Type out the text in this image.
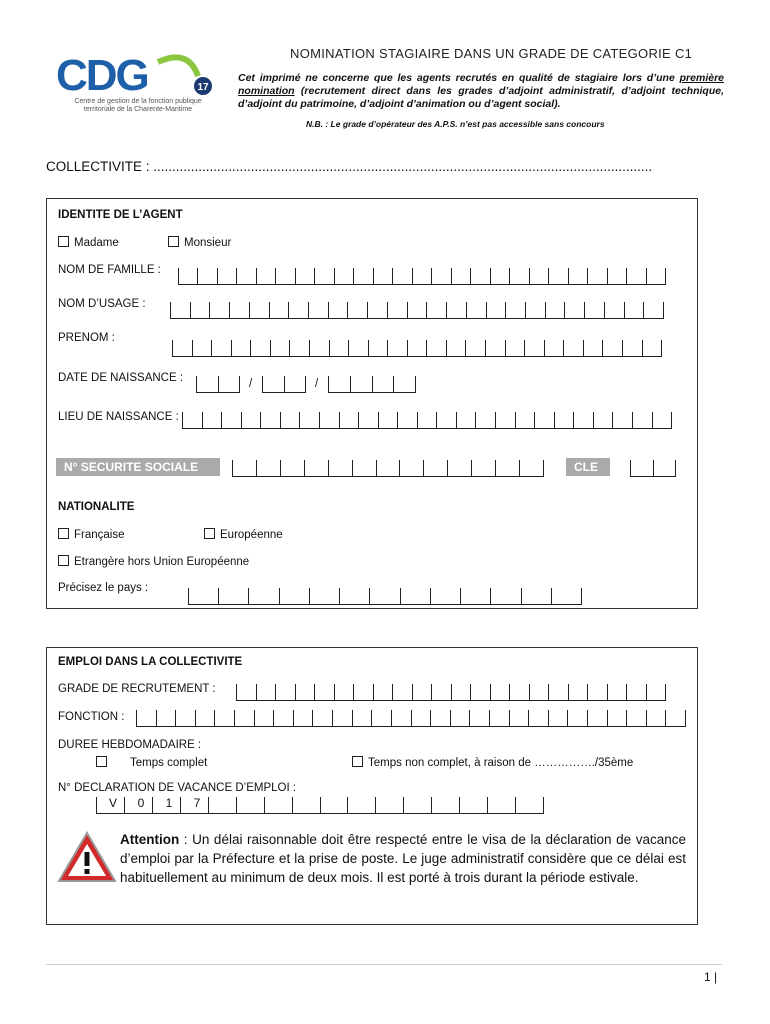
CDG	17
Centre de gestion de la fonction publique
territoriale de la Charente-Maritime
NOMINATION STAGIAIRE DANS UN GRADE DE CATEGORIE C1
Cet imprimé ne concerne que les agents recrutés en qualité de stagiaire lors d’une première nomination (recrutement direct dans les grades d’adjoint administratif, d’adjoint technique, d’adjoint du patrimoine, d’adjoint d’animation ou d’agent social).
N.B. : Le grade d’opérateur des A.P.S. n’est pas accessible sans concours
COLLECTIVITE : .....................................................................................................................................
IDENTITE DE L’AGENT
Madame	Monsieur
NOM DE FAMILLE :
NOM D’USAGE :
PRENOM :
DATE DE NAISSANCE :	/	/
LIEU DE NAISSANCE :
N° SECURITE SOCIALE	CLE
NATIONALITE
Française	Européenne
Etrangère hors Union Européenne
Précisez le pays :
EMPLOI DANS LA COLLECTIVITE
GRADE DE RECRUTEMENT :
FONCTION :
DUREE HEBDOMADAIRE :
Temps complet	Temps non complet, à raison de ……………./35ème
N° DECLARATION DE VACANCE D’EMPLOI :
V	0	1	7
Attention : Un délai raisonnable doit être respecté entre le visa de la déclaration de vacance d’emploi par la Préfecture et la prise de poste. Le juge administratif considère que ce délai est habituellement au minimum de deux mois. Il est porté à trois durant la période estivale.
1 |
